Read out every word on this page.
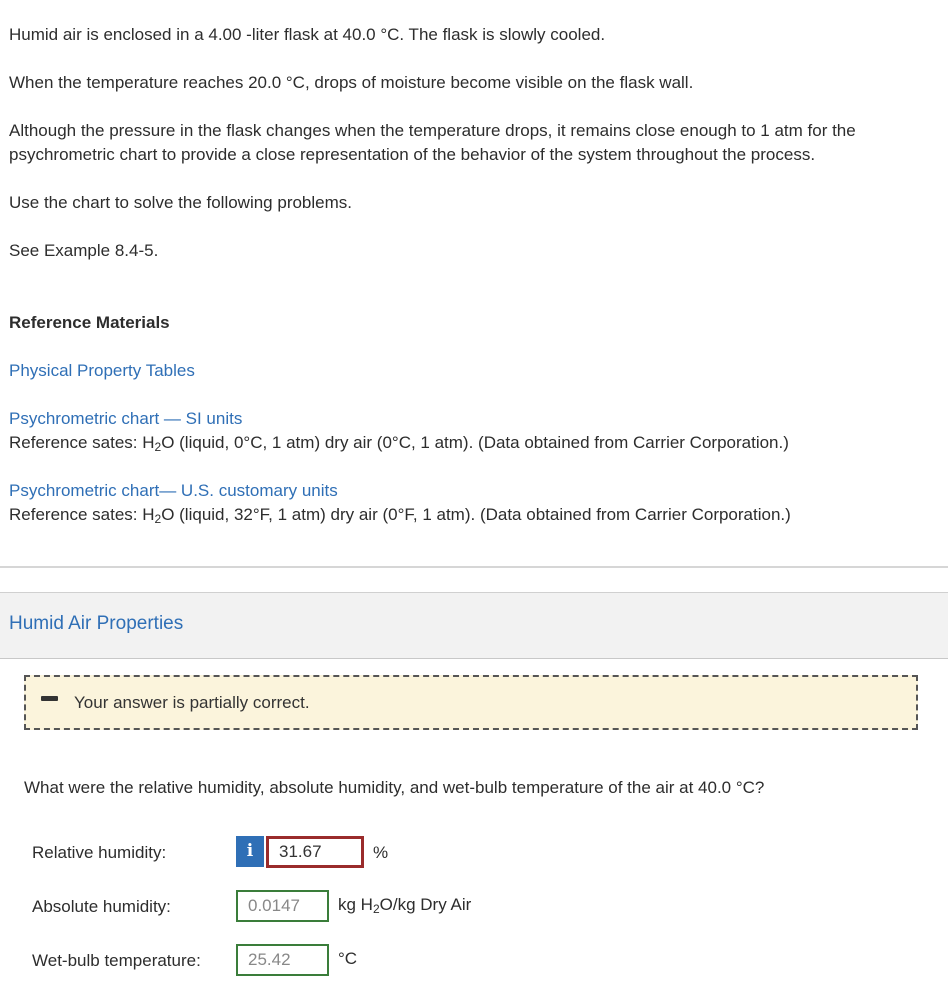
Humid air is enclosed in a 4.00 -liter flask at 40.0 °C. The flask is slowly cooled.

When the temperature reaches 20.0 °C, drops of moisture become visible on the flask wall.

Although the pressure in the flask changes when the temperature drops, it remains close enough to 1 atm for the psychrometric chart to provide a close representation of the behavior of the system throughout the process.

Use the chart to solve the following problems.

See Example 8.4-5.

Reference Materials

Physical Property Tables

Psychrometric chart — SI units

Reference sates: $H_2O$ (liquid, 0°C, 1 atm) dry air (0°C, 1 atm). (Data obtained from Carrier Corporation.)

Psychrometric chart— U.S. customary units

Reference sates: $H_2O$ (liquid, 32°F, 1 atm) dry air (0°F, 1 atm). (Data obtained from Carrier Corporation.)

Humid Air Properties
Your answer is partially correct.
What were the relative humidity, absolute humidity, and wet-bulb temperature of the air at 40.0 °C?
Relative humidity:	i
31.67	%
Absolute humidity:
0.0147	kg $H_2O/kg$ Dry Air
Wet-bulb temperature:
25.42	°C
